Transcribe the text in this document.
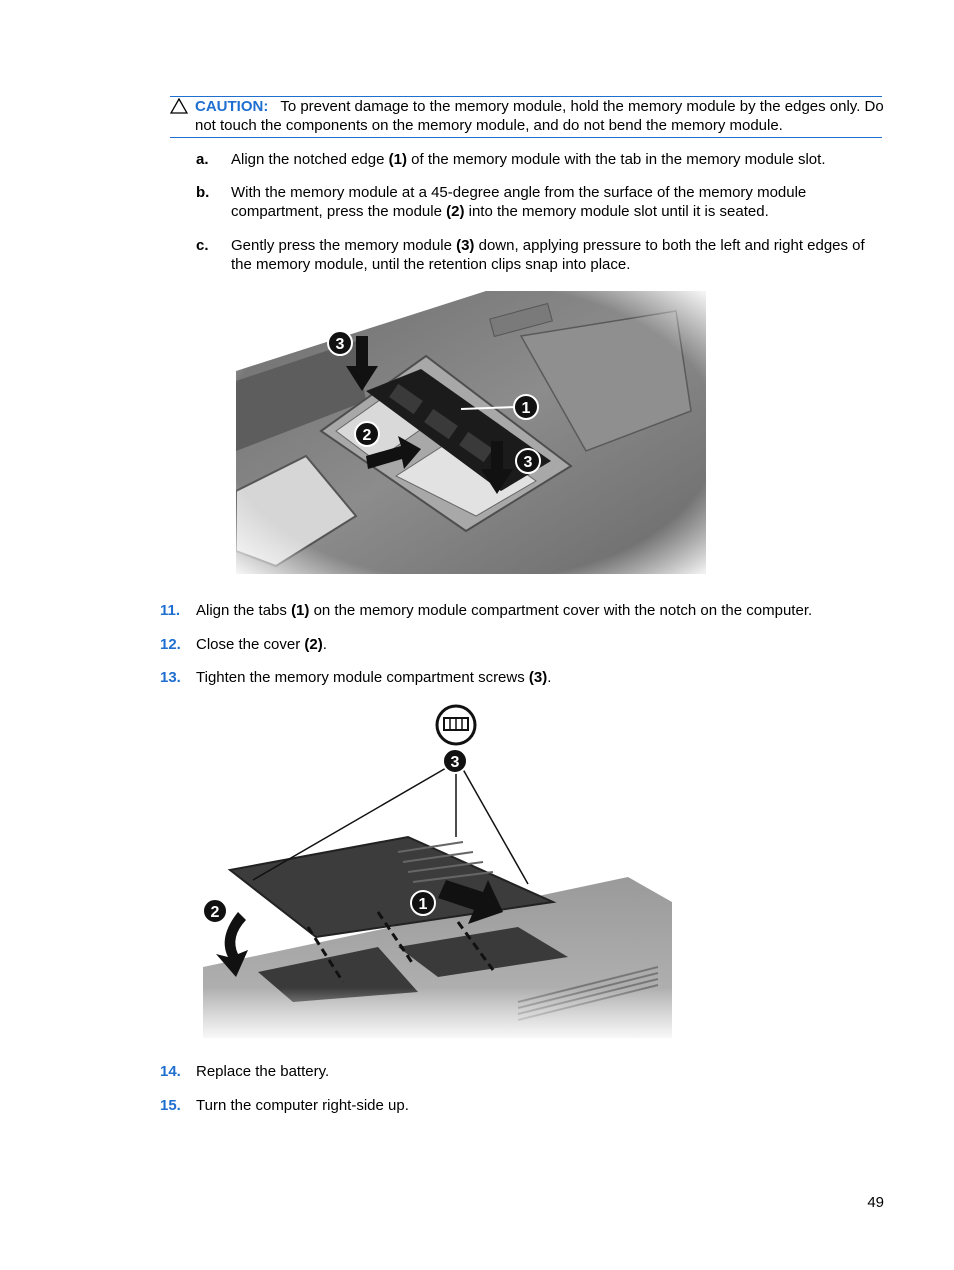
CAUTION: To prevent damage to the memory module, hold the memory module by the edges only. Do not touch the components on the memory module, and do not bend the memory module.
a. Align the notched edge (1) of the memory module with the tab in the memory module slot.
b. With the memory module at a 45-degree angle from the surface of the memory module compartment, press the module (2) into the memory module slot until it is seated.
c. Gently press the memory module (3) down, applying pressure to both the left and right edges of the memory module, until the retention clips snap into place.
11. Align the tabs (1) on the memory module compartment cover with the notch on the computer.
12. Close the cover (2).
13. Tighten the memory module compartment screws (3).
14. Replace the battery.
15. Turn the computer right-side up.
49
